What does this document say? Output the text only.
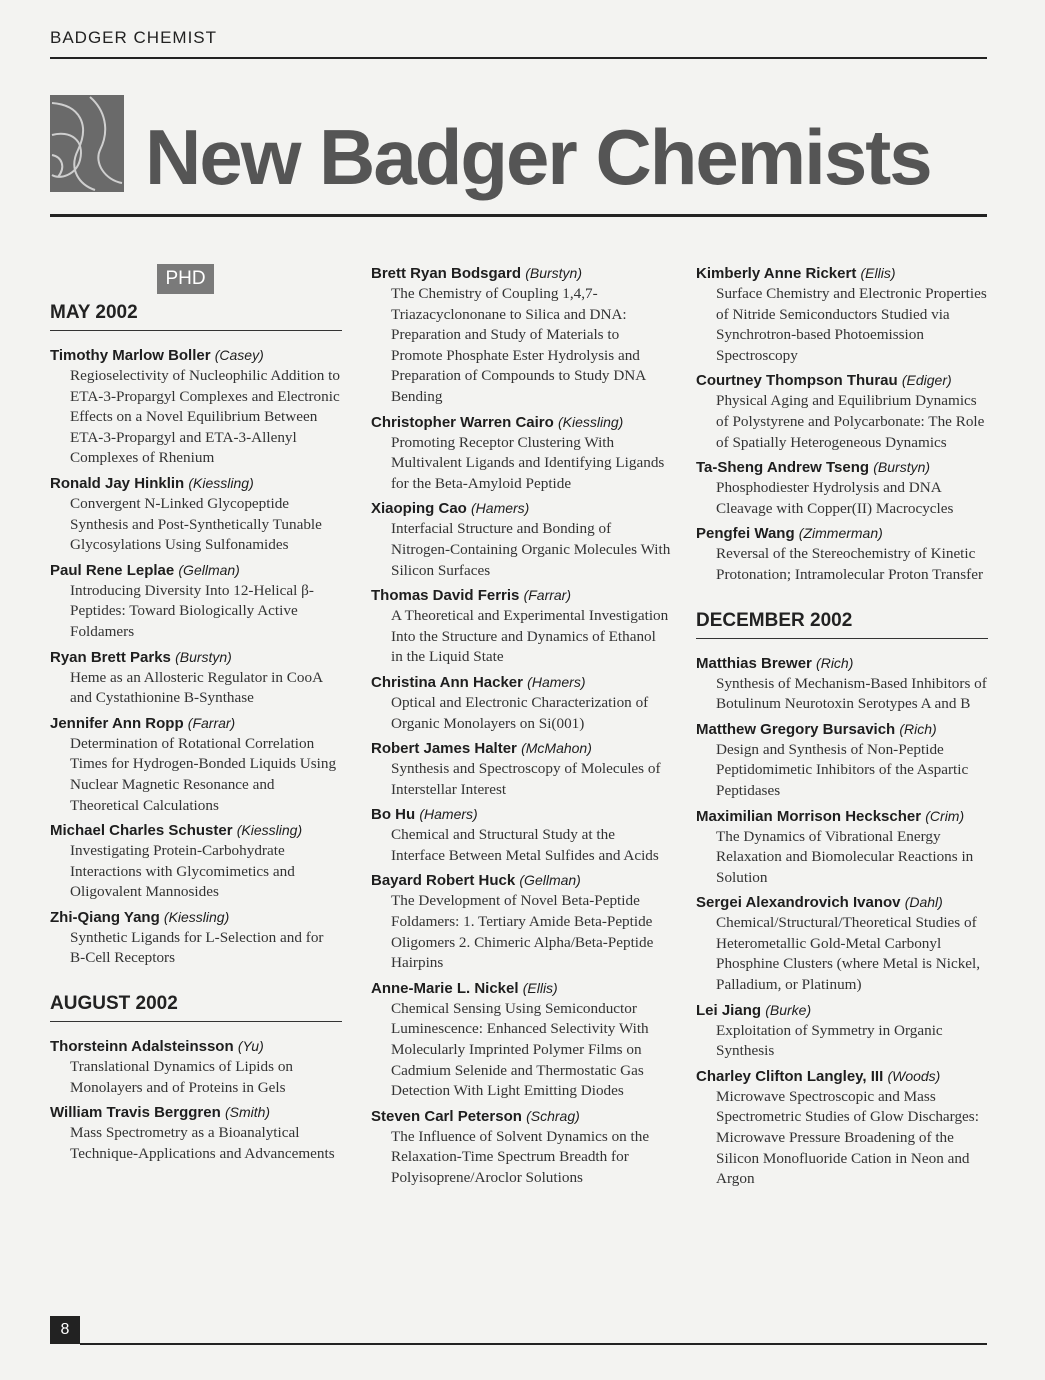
BADGER CHEMIST
New Badger Chemists
PHD
MAY 2002
Timothy Marlow Boller (Casey)
Regioselectivity of Nucleophilic Addition to ETA-3-Propargyl Complexes and Electronic Effects on a Novel Equilibrium Between ETA-3-Propargyl and ETA-3-Allenyl Complexes of Rhenium
Ronald Jay Hinklin (Kiessling)
Convergent N-Linked Glycopeptide Synthesis and Post-Synthetically Tunable Glycosylations Using Sulfonamides
Paul Rene Leplae (Gellman)
Introducing Diversity Into 12-Helical β-Peptides: Toward Biologically Active Foldamers
Ryan Brett Parks (Burstyn)
Heme as an Allosteric Regulator in CooA and Cystathionine B-Synthase
Jennifer Ann Ropp (Farrar)
Determination of Rotational Correlation Times for Hydrogen-Bonded Liquids Using Nuclear Magnetic Resonance and Theoretical Calculations
Michael Charles Schuster (Kiessling)
Investigating Protein-Carbohydrate Interactions with Glycomimetics and Oligovalent Mannosides
Zhi-Qiang Yang (Kiessling)
Synthetic Ligands for L-Selection and for B-Cell Receptors
AUGUST 2002
Thorsteinn Adalsteinsson (Yu)
Translational Dynamics of Lipids on Monolayers and of Proteins in Gels
William Travis Berggren (Smith)
Mass Spectrometry as a Bioanalytical Technique-Applications and Advancements
Brett Ryan Bodsgard (Burstyn)
The Chemistry of Coupling 1,4,7-Triazacyclononane to Silica and DNA: Preparation and Study of Materials to Promote Phosphate Ester Hydrolysis and Preparation of Compounds to Study DNA Bending
Christopher Warren Cairo (Kiessling)
Promoting Receptor Clustering With Multivalent Ligands and Identifying Ligands for the Beta-Amyloid Peptide
Xiaoping Cao (Hamers)
Interfacial Structure and Bonding of Nitrogen-Containing Organic Molecules With Silicon Surfaces
Thomas David Ferris (Farrar)
A Theoretical and Experimental Investigation Into the Structure and Dynamics of Ethanol in the Liquid State
Christina Ann Hacker (Hamers)
Optical and Electronic Characterization of Organic Monolayers on Si(001)
Robert James Halter (McMahon)
Synthesis and Spectroscopy of Molecules of Interstellar Interest
Bo Hu (Hamers)
Chemical and Structural Study at the Interface Between Metal Sulfides and Acids
Bayard Robert Huck (Gellman)
The Development of Novel Beta-Peptide Foldamers: 1. Tertiary Amide Beta-Peptide Oligomers 2. Chimeric Alpha/Beta-Peptide Hairpins
Anne-Marie L. Nickel (Ellis)
Chemical Sensing Using Semiconductor Luminescence: Enhanced Selectivity With Molecularly Imprinted Polymer Films on Cadmium Selenide and Thermostatic Gas Detection With Light Emitting Diodes
Steven Carl Peterson (Schrag)
The Influence of Solvent Dynamics on the Relaxation-Time Spectrum Breadth for Polyisoprene/Aroclor Solutions
Kimberly Anne Rickert (Ellis)
Surface Chemistry and Electronic Properties of Nitride Semiconductors Studied via Synchrotron-based Photoemission Spectroscopy
Courtney Thompson Thurau (Ediger)
Physical Aging and Equilibrium Dynamics of Polystyrene and Polycarbonate: The Role of Spatially Heterogeneous Dynamics
Ta-Sheng Andrew Tseng (Burstyn)
Phosphodiester Hydrolysis and DNA Cleavage with Copper(II) Macrocycles
Pengfei Wang (Zimmerman)
Reversal of the Stereochemistry of Kinetic Protonation; Intramolecular Proton Transfer
DECEMBER 2002
Matthias Brewer (Rich)
Synthesis of Mechanism-Based Inhibitors of Botulinum Neurotoxin Serotypes A and B
Matthew Gregory Bursavich (Rich)
Design and Synthesis of Non-Peptide Peptidomimetic Inhibitors of the Aspartic Peptidases
Maximilian Morrison Heckscher (Crim)
The Dynamics of Vibrational Energy Relaxation and Biomolecular Reactions in Solution
Sergei Alexandrovich Ivanov (Dahl)
Chemical/Structural/Theoretical Studies of Heterometallic Gold-Metal Carbonyl Phosphine Clusters (where Metal is Nickel, Palladium, or Platinum)
Lei Jiang (Burke)
Exploitation of Symmetry in Organic Synthesis
Charley Clifton Langley, III (Woods)
Microwave Spectroscopic and Mass Spectrometric Studies of Glow Discharges: Microwave Pressure Broadening of the Silicon Monofluoride Cation in Neon and Argon
8
